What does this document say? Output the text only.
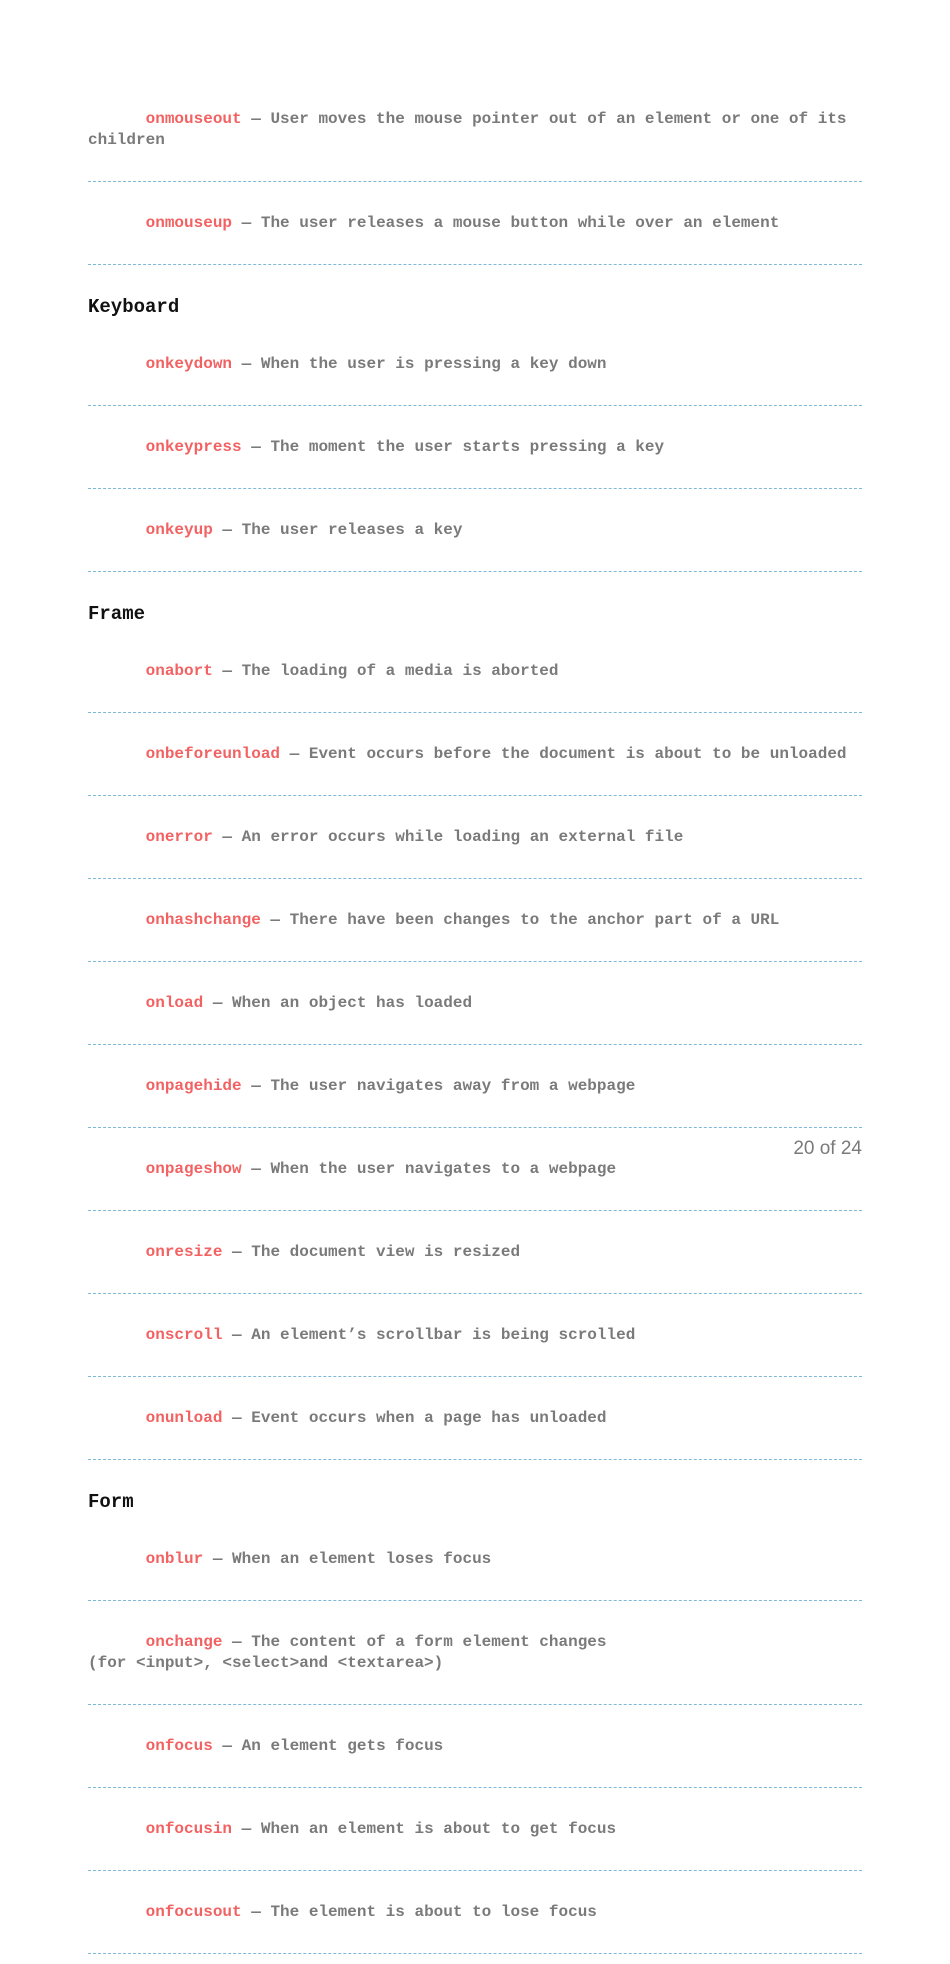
onmouseout — User moves the mouse pointer out of an element or one of its children

onmouseup — The user releases a mouse button while over an element

Keyboard

onkeydown — When the user is pressing a key down

onkeypress — The moment the user starts pressing a key

onkeyup — The user releases a key

Frame

onabort — The loading of a media is aborted

onbeforeunload — Event occurs before the document is about to be unloaded

onerror — An error occurs while loading an external file

onhashchange — There have been changes to the anchor part of a URL

onload — When an object has loaded

onpagehide — The user navigates away from a webpage

onpageshow — When the user navigates to a webpage

onresize — The document view is resized

onscroll — An element’s scrollbar is being scrolled

onunload — Event occurs when a page has unloaded

Form

onblur — When an element loses focus

onchange — The content of a form element changes
(for <input>, <select>and <textarea>)

onfocus — An element gets focus

onfocusin — When an element is about to get focus

onfocusout — The element is about to lose focus

20 of 24
